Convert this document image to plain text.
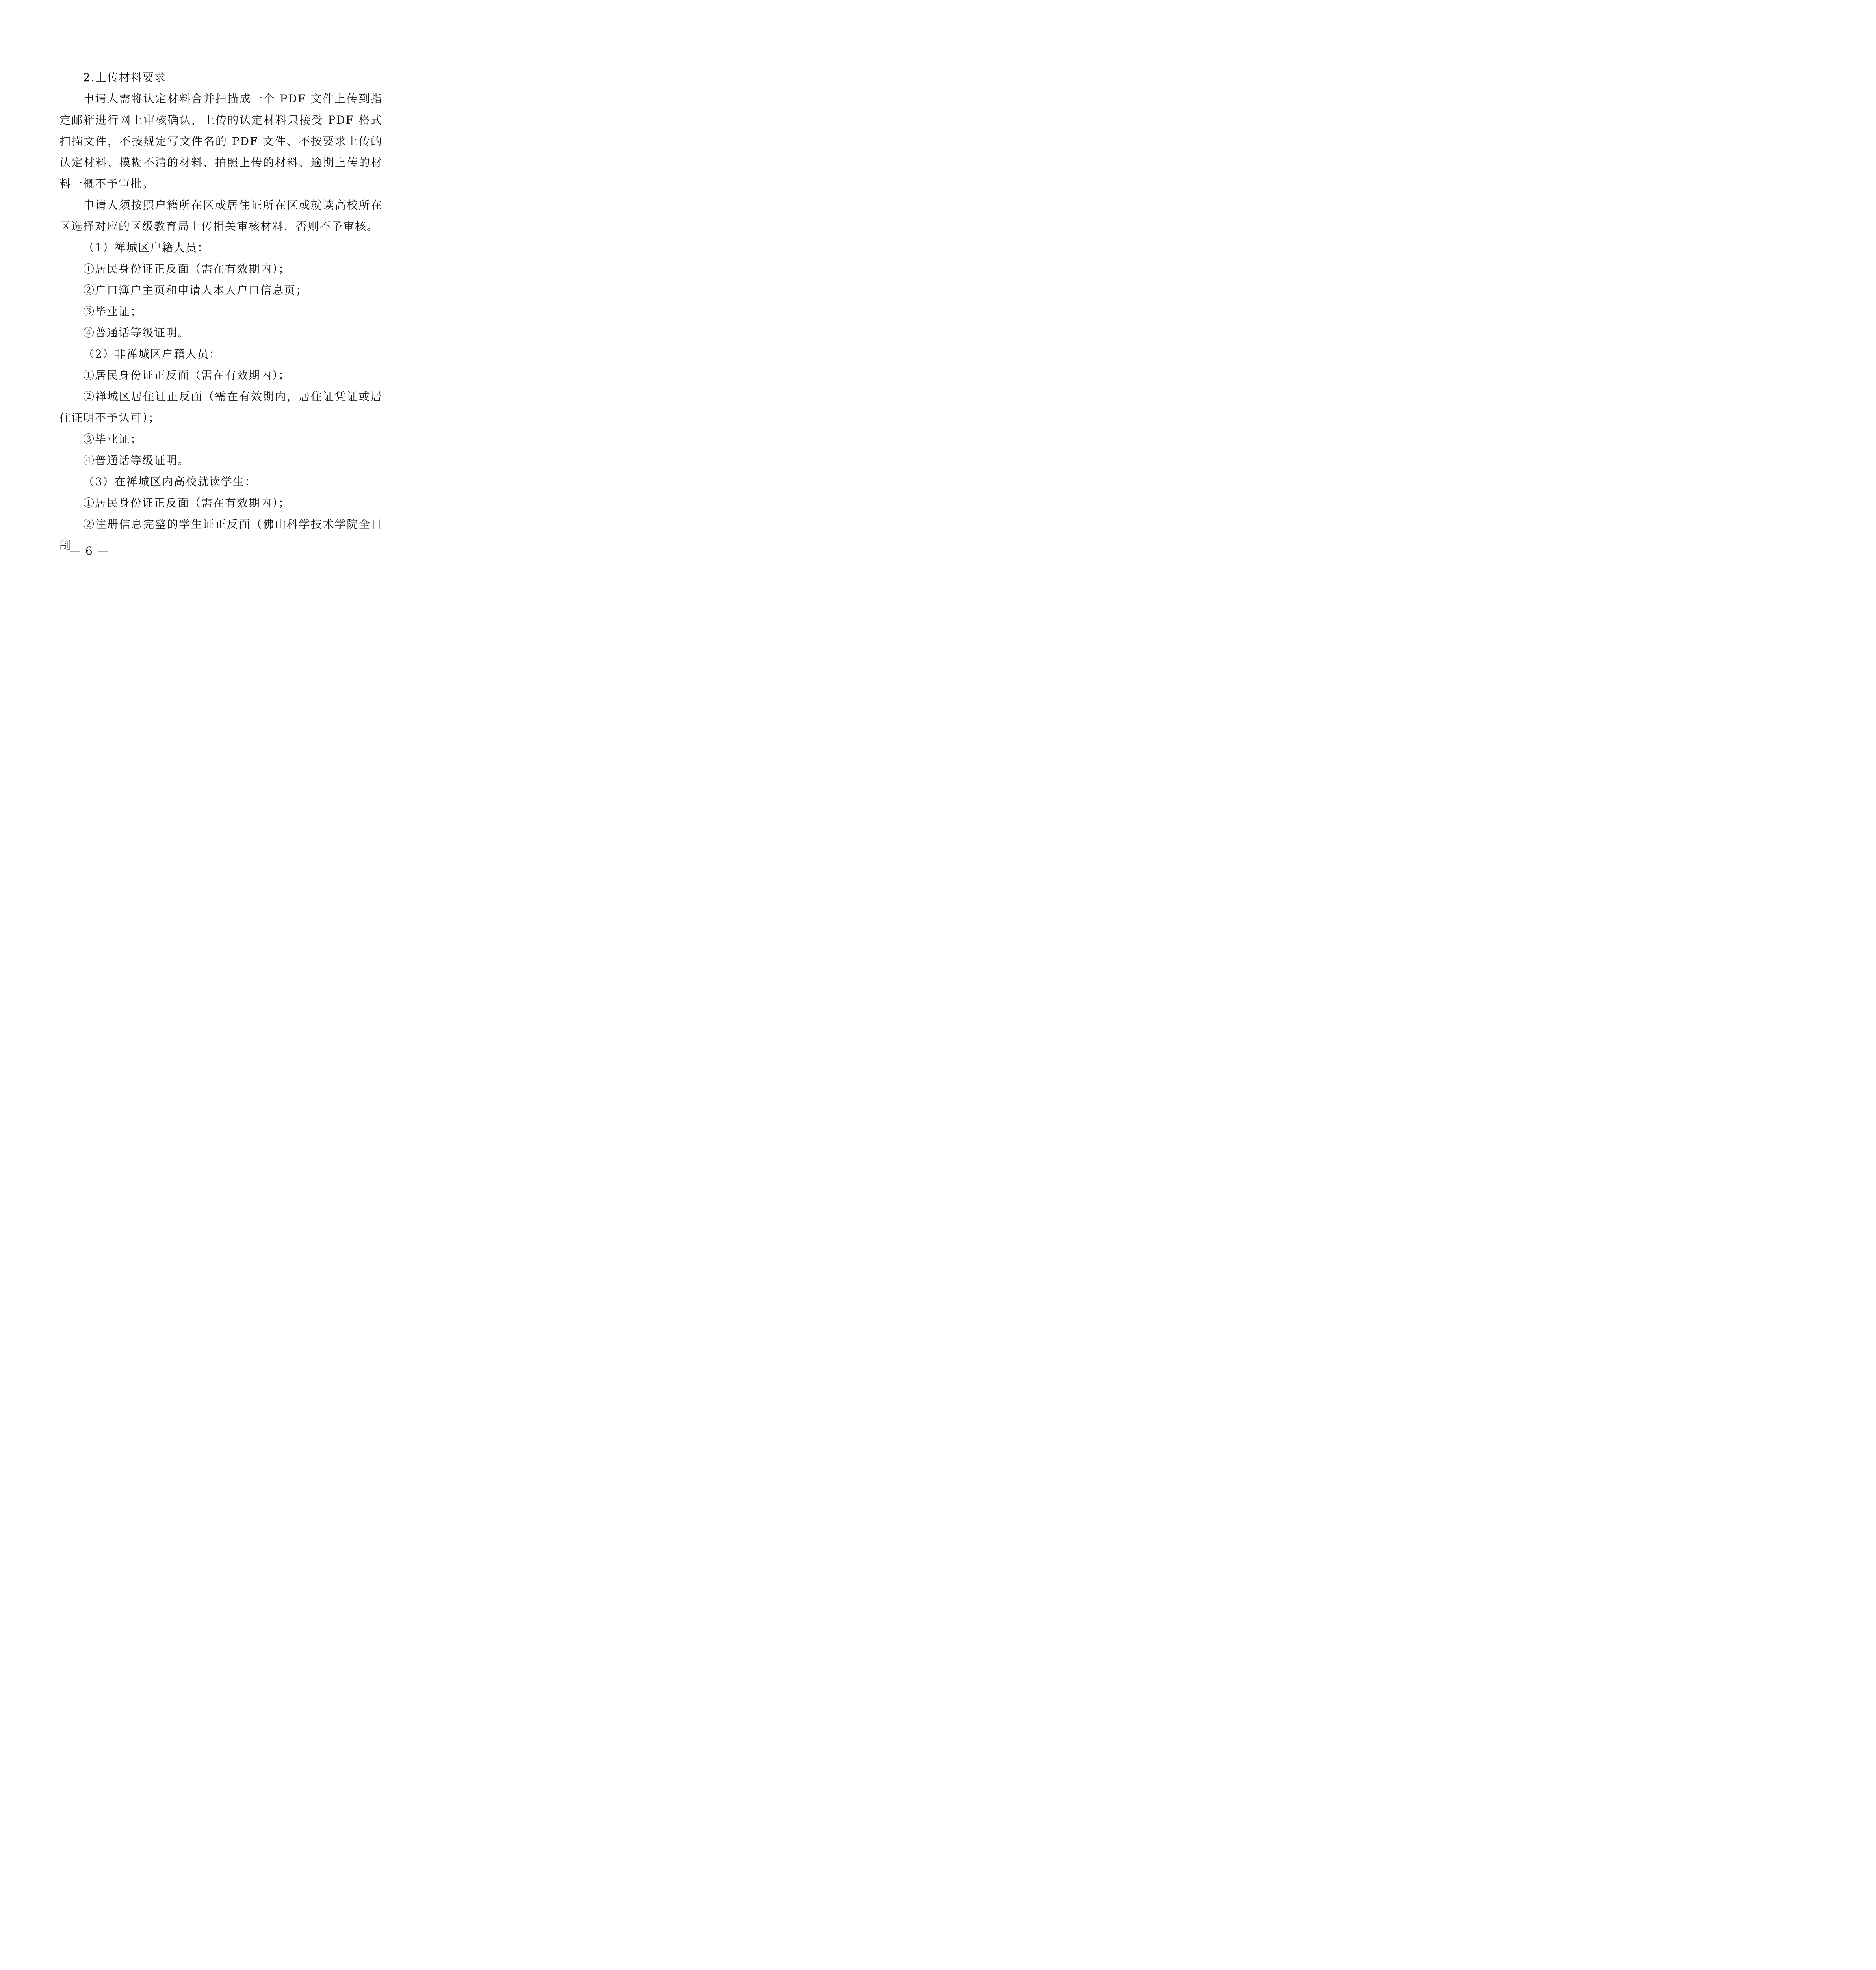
2.上传材料要求

申请人需将认定材料合并扫描成一个 PDF 文件上传到指定邮箱进行网上审核确认，上传的认定材料只接受 PDF 格式扫描文件，不按规定写文件名的 PDF 文件、不按要求上传的认定材料、模糊不清的材料、拍照上传的材料、逾期上传的材料一概不予审批。

申请人须按照户籍所在区或居住证所在区或就读高校所在区选择对应的区级教育局上传相关审核材料，否则不予审核。

（1）禅城区户籍人员：

①居民身份证正反面（需在有效期内）；

②户口簿户主页和申请人本人户口信息页；

③毕业证；

④普通话等级证明。

（2）非禅城区户籍人员：

①居民身份证正反面（需在有效期内）；

②禅城区居住证正反面（需在有效期内，居住证凭证或居住证明不予认可）；

③毕业证；

④普通话等级证明。

（3）在禅城区内高校就读学生：

①居民身份证正反面（需在有效期内）；

②注册信息完整的学生证正反面（佛山科学技术学院全日制

— 6 —
